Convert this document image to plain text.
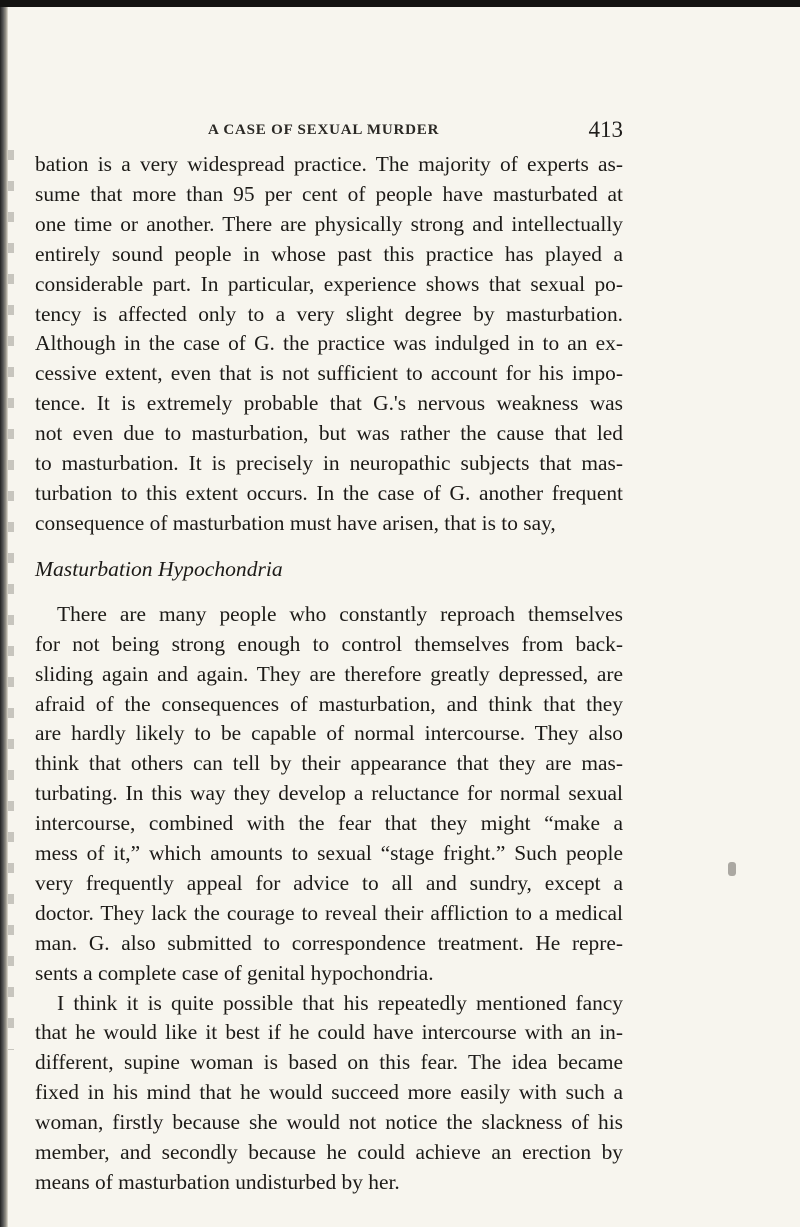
A CASE OF SEXUAL MURDER	413

bation is a very widespread practice. The majority of experts as-
sume that more than 95 per cent of people have masturbated at
one time or another. There are physically strong and intellectually
entirely sound people in whose past this practice has played a
considerable part. In particular, experience shows that sexual po-
tency is affected only to a very slight degree by masturbation.
Although in the case of G. the practice was indulged in to an ex-
cessive extent, even that is not sufficient to account for his impo-
tence. It is extremely probable that G.'s nervous weakness was
not even due to masturbation, but was rather the cause that led
to masturbation. It is precisely in neuropathic subjects that mas-
turbation to this extent occurs. In the case of G. another frequent
consequence of masturbation must have arisen, that is to say,

Masturbation Hypochondria

There are many people who constantly reproach themselves
for not being strong enough to control themselves from back-
sliding again and again. They are therefore greatly depressed, are
afraid of the consequences of masturbation, and think that they
are hardly likely to be capable of normal intercourse. They also
think that others can tell by their appearance that they are mas-
turbating. In this way they develop a reluctance for normal sexual
intercourse, combined with the fear that they might “make a
mess of it,” which amounts to sexual “stage fright.” Such people
very frequently appeal for advice to all and sundry, except a
doctor. They lack the courage to reveal their affliction to a medical
man. G. also submitted to correspondence treatment. He repre-
sents a complete case of genital hypochondria.

I think it is quite possible that his repeatedly mentioned fancy
that he would like it best if he could have intercourse with an in-
different, supine woman is based on this fear. The idea became
fixed in his mind that he would succeed more easily with such a
woman, firstly because she would not notice the slackness of his
member, and secondly because he could achieve an erection by
means of masturbation undisturbed by her.
